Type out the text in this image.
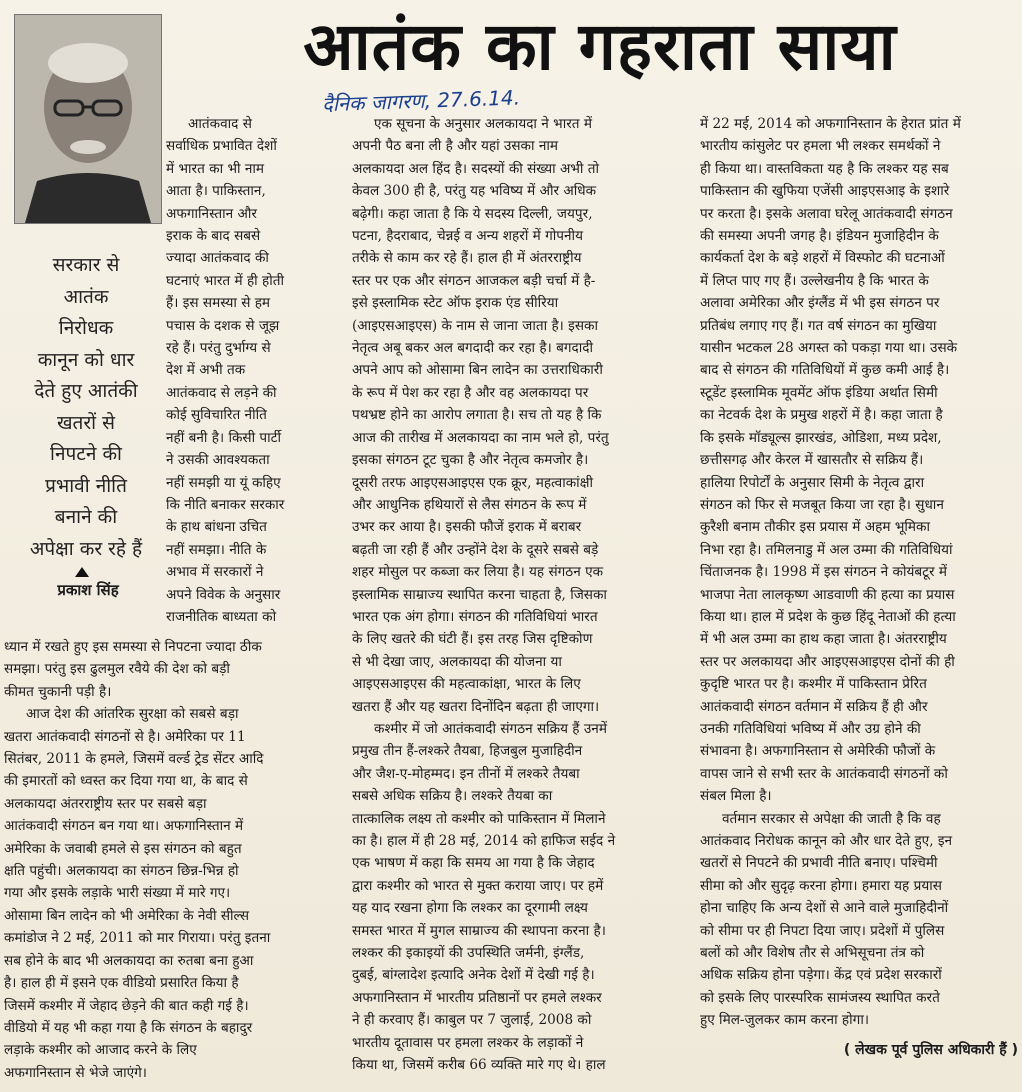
आतंक का गहराता साया
दैनिक जागरण, 27.6.14.
सरकार से
आतंक
निरोधक
कानून को धार
देते हुए आतंकी
खतरों से
निपटने की
प्रभावी नीति
बनाने की
अपेक्षा कर रहे हैं
प्रकाश सिंह
आतंकवाद से
सर्वाधिक प्रभावित देशों
में भारत का भी नाम
आता है। पाकिस्तान,
अफगानिस्तान और
इराक के बाद सबसे
ज्यादा आतंकवाद की
घटनाएं भारत में ही होती
हैं। इस समस्या से हम
पचास के दशक से जूझ
रहे हैं। परंतु दुर्भाग्य से
देश में अभी तक
आतंकवाद से लड़ने की
कोई सुविचारित नीति
नहीं बनी है। किसी पार्टी
ने उसकी आवश्यकता
नहीं समझी या यूं कहिए
कि नीति बनाकर सरकार
के हाथ बांधना उचित
नहीं समझा। नीति के
अभाव में सरकारों ने
अपने विवेक के अनुसार
राजनीतिक बाध्यता को
ध्यान में रखते हुए इस समस्या से निपटना ज्यादा ठीक
समझा। परंतु इस ढुलमुल रवैये की देश को बड़ी
कीमत चुकानी पड़ी है।
आज देश की आंतरिक सुरक्षा को सबसे बड़ा
खतरा आतंकवादी संगठनों से है। अमेरिका पर 11
सितंबर, 2011 के हमले, जिसमें वर्ल्ड ट्रेड सेंटर आदि
की इमारतों को ध्वस्त कर दिया गया था, के बाद से
अलकायदा अंतरराष्ट्रीय स्तर पर सबसे बड़ा
आतंकवादी संगठन बन गया था। अफगानिस्तान में
अमेरिका के जवाबी हमले से इस संगठन को बहुत
क्षति पहुंची। अलकायदा का संगठन छिन्न-भिन्न हो
गया और इसके लड़ाके भारी संख्या में मारे गए।
ओसामा बिन लादेन को भी अमेरिका के नेवी सील्स
कमांडोज ने 2 मई, 2011 को मार गिराया। परंतु इतना
सब होने के बाद भी अलकायदा का रुतबा बना हुआ
है। हाल ही में इसने एक वीडियो प्रसारित किया है
जिसमें कश्मीर में जेहाद छेड़ने की बात कही गई है।
वीडियो में यह भी कहा गया है कि संगठन के बहादुर
लड़ाके कश्मीर को आजाद करने के लिए
अफगानिस्तान से भेजे जाएंगे।
एक सूचना के अनुसार अलकायदा ने भारत में
अपनी पैठ बना ली है और यहां उसका नाम
अलकायदा अल हिंद है। सदस्यों की संख्या अभी तो
केवल 300 ही है, परंतु यह भविष्य में और अधिक
बढ़ेगी। कहा जाता है कि ये सदस्य दिल्ली, जयपुर,
पटना, हैदराबाद, चेन्नई व अन्य शहरों में गोपनीय
तरीके से काम कर रहे हैं। हाल ही में अंतरराष्ट्रीय
स्तर पर एक और संगठन आजकल बड़ी चर्चा में है-
इसे इस्लामिक स्टेट ऑफ इराक एंड सीरिया
(आइएसआइएस) के नाम से जाना जाता है। इसका
नेतृत्व अबू बकर अल बगदादी कर रहा है। बगदादी
अपने आप को ओसामा बिन लादेन का उत्तराधिकारी
के रूप में पेश कर रहा है और वह अलकायदा पर
पथभ्रष्ट होने का आरोप लगाता है। सच तो यह है कि
आज की तारीख में अलकायदा का नाम भले हो, परंतु
इसका संगठन टूट चुका है और नेतृत्व कमजोर है।
दूसरी तरफ आइएसआइएस एक क्रूर, महत्वाकांक्षी
और आधुनिक हथियारों से लैस संगठन के रूप में
उभर कर आया है। इसकी फौजें इराक में बराबर
बढ़ती जा रही हैं और उन्होंने देश के दूसरे सबसे बड़े
शहर मोसुल पर कब्जा कर लिया है। यह संगठन एक
इस्लामिक साम्राज्य स्थापित करना चाहता है, जिसका
भारत एक अंग होगा। संगठन की गतिविधियां भारत
के लिए खतरे की घंटी हैं। इस तरह जिस दृष्टिकोण
से भी देखा जाए, अलकायदा की योजना या
आइएसआइएस की महत्वाकांक्षा, भारत के लिए
खतरा हैं और यह खतरा दिनोंदिन बढ़ता ही जाएगा।
कश्मीर में जो आतंकवादी संगठन सक्रिय हैं उनमें
प्रमुख तीन हैं-लश्करे तैयबा, हिजबुल मुजाहिदीन
और जैश-ए-मोहम्मद। इन तीनों में लश्करे तैयबा
सबसे अधिक सक्रिय है। लश्करे तैयबा का
तात्कालिक लक्ष्य तो कश्मीर को पाकिस्तान में मिलाने
का है। हाल में ही 28 मई, 2014 को हाफिज सईद ने
एक भाषण में कहा कि समय आ गया है कि जेहाद
द्वारा कश्मीर को भारत से मुक्त कराया जाए। पर हमें
यह याद रखना होगा कि लश्कर का दूरगामी लक्ष्य
समस्त भारत में मुगल साम्राज्य की स्थापना करना है।
लश्कर की इकाइयों की उपस्थिति जर्मनी, इंग्लैंड,
दुबई, बांग्लादेश इत्यादि अनेक देशों में देखी गई है।
अफगानिस्तान में भारतीय प्रतिष्ठानों पर हमले लश्कर
ने ही करवाए हैं। काबुल पर 7 जुलाई, 2008 को
भारतीय दूतावास पर हमला लश्कर के लड़ाकों ने
किया था, जिसमें करीब 66 व्यक्ति मारे गए थे। हाल
में 22 मई, 2014 को अफगानिस्तान के हेरात प्रांत में
भारतीय कांसुलेट पर हमला भी लश्कर समर्थकों ने
ही किया था। वास्तविकता यह है कि लश्कर यह सब
पाकिस्तान की खुफिया एजेंसी आइएसआइ के इशारे
पर करता है। इसके अलावा घरेलू आतंकवादी संगठन
की समस्या अपनी जगह है। इंडियन मुजाहिदीन के
कार्यकर्ता देश के बड़े शहरों में विस्फोट की घटनाओं
में लिप्त पाए गए हैं। उल्लेखनीय है कि भारत के
अलावा अमेरिका और इंग्लैंड में भी इस संगठन पर
प्रतिबंध लगाए गए हैं। गत वर्ष संगठन का मुखिया
यासीन भटकल 28 अगस्त को पकड़ा गया था। उसके
बाद से संगठन की गतिविधियों में कुछ कमी आई है।
स्टूडेंट इस्लामिक मूवमेंट ऑफ इंडिया अर्थात सिमी
का नेटवर्क देश के प्रमुख शहरों में है। कहा जाता है
कि इसके मॉड्यूल्स झारखंड, ओडिशा, मध्य प्रदेश,
छत्तीसगढ़ और केरल में खासतौर से सक्रिय हैं।
हालिया रिपोर्टों के अनुसार सिमी के नेतृत्व द्वारा
संगठन को फिर से मजबूत किया जा रहा है। सुधान
कुरैशी बनाम तौकीर इस प्रयास में अहम भूमिका
निभा रहा है। तमिलनाडु में अल उम्मा की गतिविधियां
चिंताजनक है। 1998 में इस संगठन ने कोयंबटूर में
भाजपा नेता लालकृष्ण आडवाणी की हत्या का प्रयास
किया था। हाल में प्रदेश के कुछ हिंदू नेताओं की हत्या
में भी अल उम्मा का हाथ कहा जाता है। अंतरराष्ट्रीय
स्तर पर अलकायदा और आइएसआइएस दोनों की ही
कुदृष्टि भारत पर है। कश्मीर में पाकिस्तान प्रेरित
आतंकवादी संगठन वर्तमान में सक्रिय हैं ही और
उनकी गतिविधियां भविष्य में और उग्र होने की
संभावना है। अफगानिस्तान से अमेरिकी फौजों के
वापस जाने से सभी स्तर के आतंकवादी संगठनों को
संबल मिला है।
वर्तमान सरकार से अपेक्षा की जाती है कि वह
आतंकवाद निरोधक कानून को और धार देते हुए, इन
खतरों से निपटने की प्रभावी नीति बनाए। पश्चिमी
सीमा को और सुदृढ़ करना होगा। हमारा यह प्रयास
होना चाहिए कि अन्य देशों से आने वाले मुजाहिदीनों
को सीमा पर ही निपटा दिया जाए। प्रदेशों में पुलिस
बलों को और विशेष तौर से अभिसूचना तंत्र को
अधिक सक्रिय होना पड़ेगा। केंद्र एवं प्रदेश सरकारों
को इसके लिए पारस्परिक सामंजस्य स्थापित करते
हुए मिल-जुलकर काम करना होगा।
( लेखक पूर्व पुलिस अधिकारी हैं )
